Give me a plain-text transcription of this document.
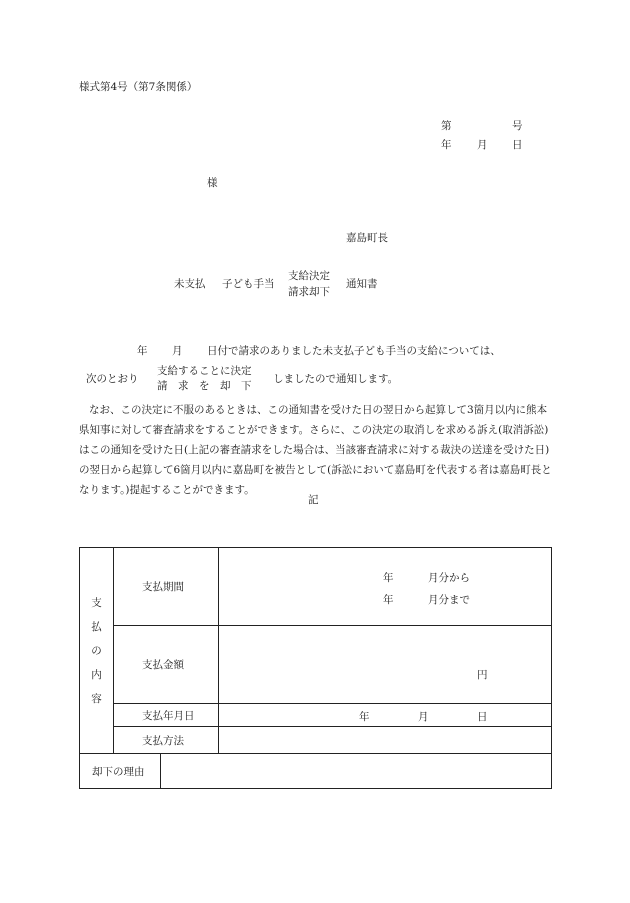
様式第4号（第7条関係）
第	号
年 月 日
様
嘉島町長
未支払 子ども手当
支給決定
請求却下
通知書
年 月 日付で請求のありました未支払子ども手当の支給については、
次のとおり
支給することに決定
請　求　を　却　下
しましたので通知します。
なお、この決定に不服のあるときは、この通知書を受けた日の翌日から起算して3箇月以内に熊本県知事に対して審査請求をすることができます。さらに、この決定の取消しを求める訴え(取消訴訟)はこの通知を受けた日(上記の審査請求をした場合は、当該審査請求に対する裁決の送達を受けた日)の翌日から起算して6箇月以内に嘉島町を被告として(訴訟において嘉島町を代表する者は嘉島町長となります。)提起することができます。
記
支
払
の
内
容	支払期間		年 月分から
年 月分まで

	支払金額		円

	支払年月日		年 月 日

	支払方法		
却下の理由			
